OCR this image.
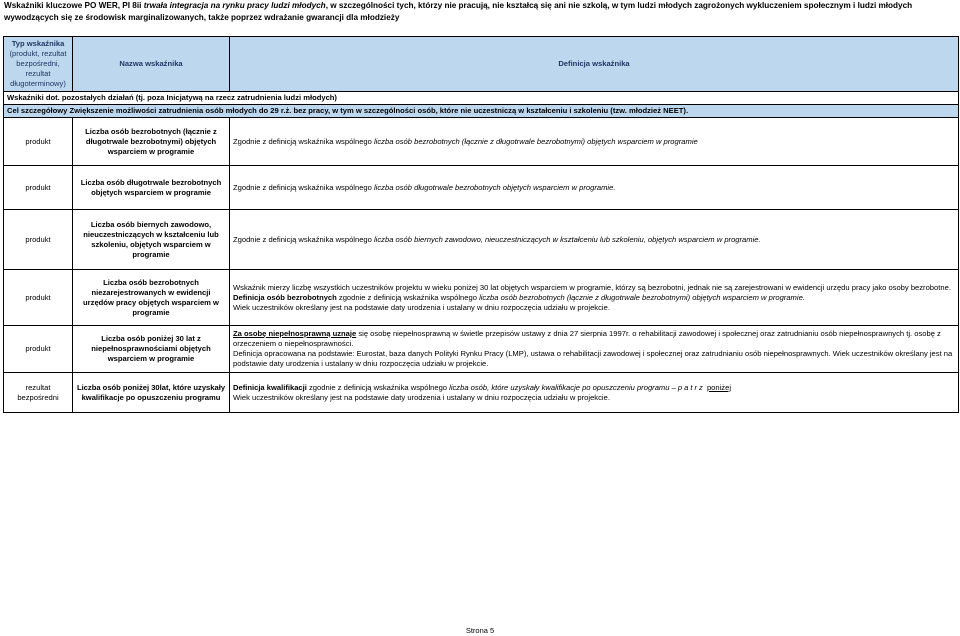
Wskaźniki kluczowe PO WER, PI 8ii trwała integracja na rynku pracy ludzi młodych, w szczególności tych, którzy nie pracują, nie kształcą się ani nie szkolą, w tym ludzi młodych zagrożonych wykluczeniem społecznym i ludzi młodych wywodzących się ze środowisk marginalizowanych, także poprzez wdrażanie gwarancji dla młodzieży
Typ wskaźnika
(produkt, rezultat bezpośredni, rezultat długoterminowy)	Nazwa wskaźnika	Definicja wskaźnika
Wskaźniki dot. pozostałych działań (tj. poza Inicjatywą na rzecz zatrudnienia ludzi młodych)		
Cel szczegółowy Zwiększenie możliwości zatrudnienia osób młodych do 29 r.ż. bez pracy, w tym w szczególności osób, które nie uczestniczą w kształceniu i szkoleniu (tzw. młodzież NEET).		
produkt	Liczba osób bezrobotnych (łącznie z długotrwale bezrobotnymi) objętych wsparciem w programie	Zgodnie z definicją wskaźnika wspólnego liczba osób bezrobotnych (łącznie z długotrwale bezrobotnymi) objętych wsparciem w programie
produkt	Liczba osób długotrwale bezrobotnych objętych wsparciem w programie	Zgodnie z definicją wskaźnika wspólnego liczba osób długotrwale bezrobotnych objętych wsparciem w programie.
produkt	Liczba osób biernych zawodowo, nieuczestniczących w kształceniu lub szkoleniu, objętych wsparciem w programie	Zgodnie z definicją wskaźnika wspólnego liczba osób biernych zawodowo, nieuczestniczących w kształceniu lub szkoleniu, objętych wsparciem w programie.
produkt	Liczba osób bezrobotnych niezarejestrowanych w ewidencji urzędów pracy objętych wsparciem w programie	Wskaźnik mierzy liczbę wszystkich uczestników projektu w wieku poniżej 30 lat objętych wsparciem w programie, którzy są bezrobotni, jednak nie są zarejestrowani w ewidencji urzędu pracy jako osoby bezrobotne.
Definicja osób bezrobotnych zgodnie z definicją wskaźnika wspólnego liczba osób bezrobotnych (łącznie z długotrwale bezrobotnymi) objętych wsparciem w programie.
Wiek uczestników określany jest na podstawie daty urodzenia i ustalany w dniu rozpoczęcia udziału w projekcie.

produkt	Liczba osób poniżej 30 lat z niepełnosprawnościami objętych wsparciem w programie	Za osobę niepełnosprawną uznaje się osobę niepełnosprawną w świetle przepisów ustawy z dnia 27 sierpnia 1997r. o rehabilitacji zawodowej i społecznej oraz zatrudnianiu osób niepełnosprawnych tj. osobę z orzeczeniem o niepełnosprawności.
Definicja opracowana na podstawie: Eurostat, baza danych Polityki Rynku Pracy (LMP), ustawa o rehabilitacji zawodowej i społecznej oraz zatrudnianiu osób niepełnosprawnych. Wiek uczestników określany jest na podstawie daty urodzenia i ustalany w dniu rozpoczęcia udziału w projekcie.

rezultat bezpośredni	Liczba osób poniżej 30lat, które uzyskały kwalifikacje po opuszczeniu programu	Definicja kwalifikacji zgodnie z definicją wskaźnika wspólnego liczba osób, które uzyskały kwalifikacje po opuszczeniu programu – patrz poniżej
Wiek uczestników określany jest na podstawie daty urodzenia i ustalany w dniu rozpoczęcia udziału w projekcie.
Strona 5
